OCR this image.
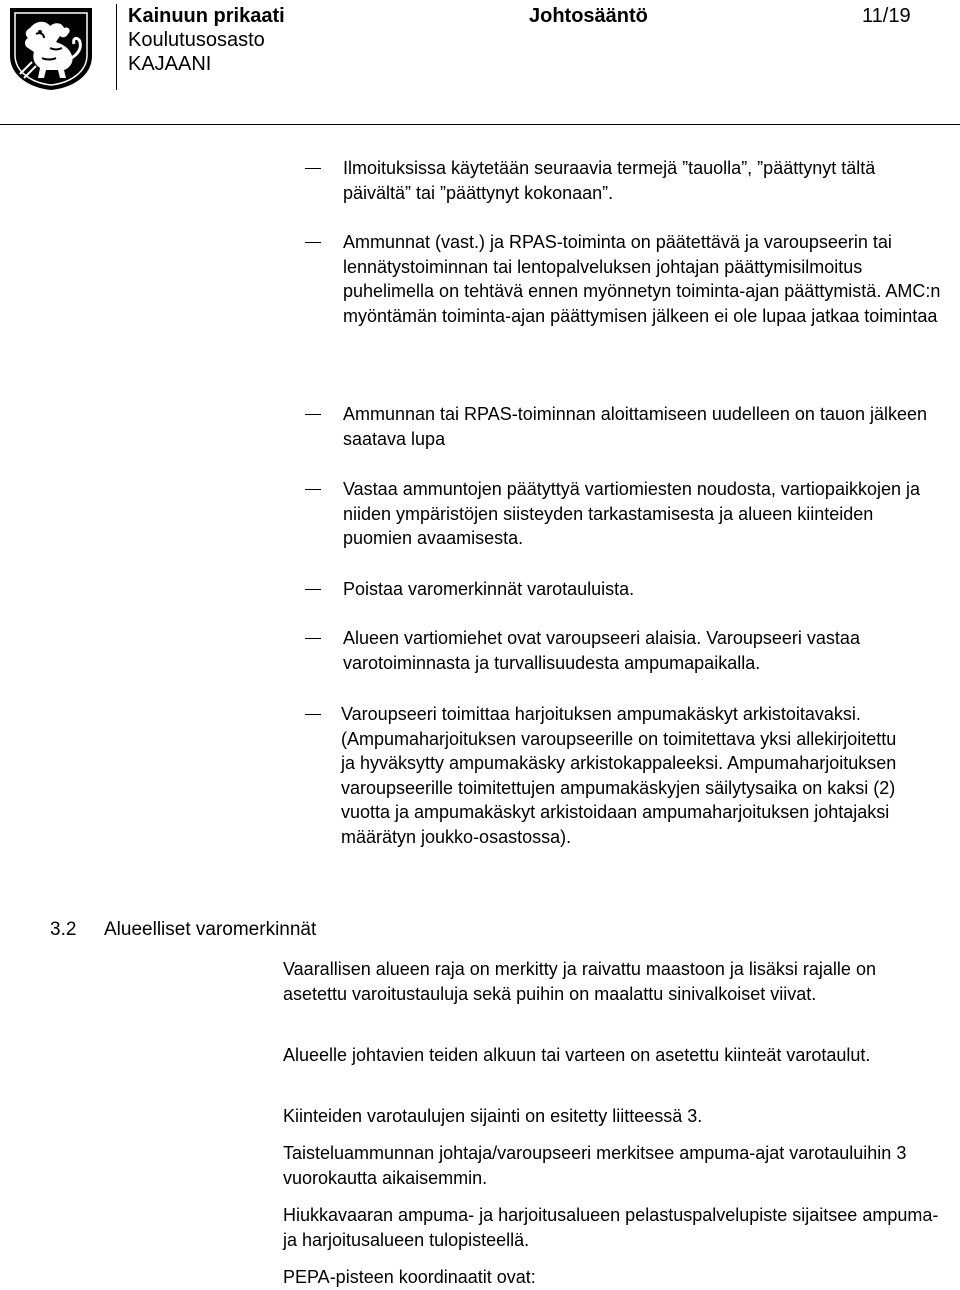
Kainuun prikaati
Koulutusosasto
KAJAANI
Johtosääntö	11/19
Ilmoituksissa käytetään seuraavia termejä ”tauolla”, ”päättynyt tältä päivältä” tai ”päättynyt kokonaan”.
Ammunnat (vast.) ja RPAS-toiminta on päätettävä ja varoupseerin tai lennätystoiminnan tai lentopalveluksen johtajan päättymisilmoitus puhelimella on tehtävä ennen myönnetyn toiminta-ajan päättymistä. AMC:n myöntämän toiminta-ajan päättymisen jälkeen ei ole lupaa jatkaa toimintaa
Ammunnan tai RPAS-toiminnan aloittamiseen uudelleen on tauon jälkeen saatava lupa
Vastaa ammuntojen päätyttyä vartiomiesten noudosta, vartiopaikkojen ja niiden ympäristöjen siisteyden tarkastamisesta ja alueen kiinteiden puomien avaamisesta.
Poistaa varomerkinnät varotauluista.
Alueen vartiomiehet ovat varoupseeri alaisia. Varoupseeri vastaa varotoiminnasta ja turvallisuudesta ampumapaikalla.
Varoupseeri toimittaa harjoituksen ampumakäskyt arkistoitavaksi. (Ampumaharjoituksen varoupseerille on toimitettava yksi allekirjoitettu ja hyväksytty ampumakäsky arkistokappaleeksi. Ampumaharjoituksen varoupseerille toimitettujen ampumakäskyjen säilytysaika on kaksi (2) vuotta ja ampumakäskyt arkistoidaan ampumaharjoituksen johtajaksi määrätyn joukko-osastossa).
3.2 Alueelliset varomerkinnät
Vaarallisen alueen raja on merkitty ja raivattu maastoon ja lisäksi rajalle on asetettu varoitustauluja sekä puihin on maalattu sinivalkoiset viivat.
Alueelle johtavien teiden alkuun tai varteen on asetettu kiinteät varotaulut.
Kiinteiden varotaulujen sijainti on esitetty liitteessä 3.
Taisteluammunnan johtaja/varoupseeri merkitsee ampuma-ajat varotauluihin 3 vuorokautta aikaisemmin.
Hiukkavaaran ampuma- ja harjoitusalueen pelastuspalvelupiste sijaitsee ampuma- ja harjoitusalueen tulopisteellä.
PEPA-pisteen koordinaatit ovat:
